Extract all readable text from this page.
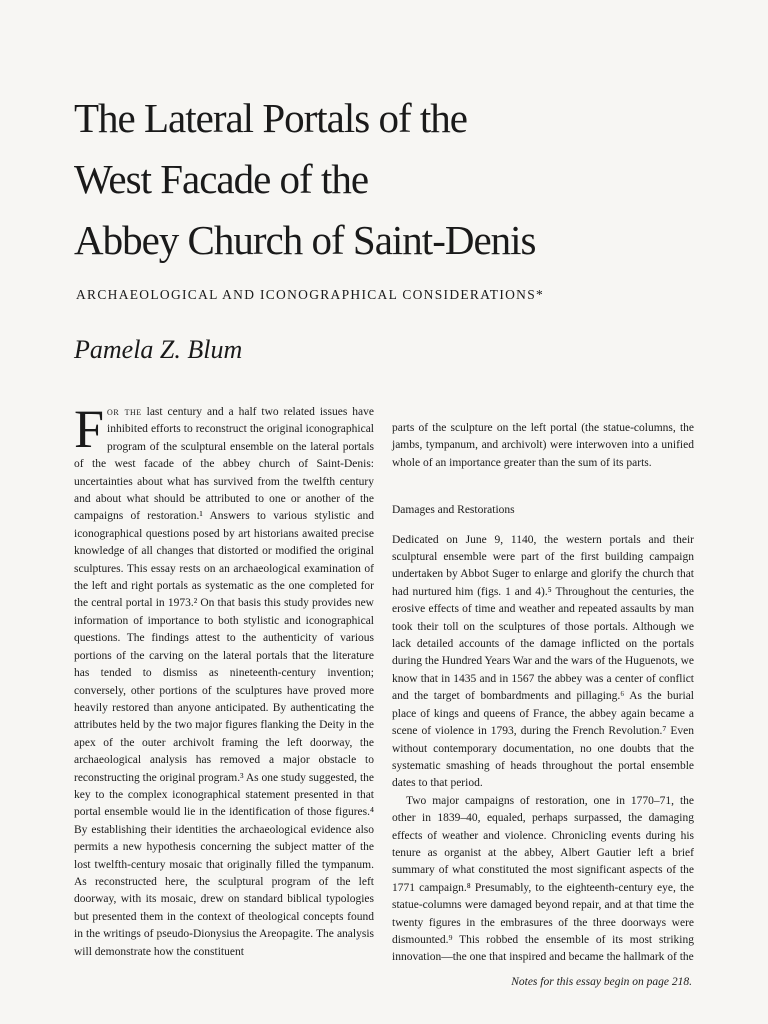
The Lateral Portals of the
West Facade of the
Abbey Church of Saint-Denis
ARCHAEOLOGICAL AND ICONOGRAPHICAL CONSIDERATIONS*
Pamela Z. Blum

For the last century and a half two related issues have inhibited efforts to reconstruct the original iconographical program of the sculptural ensemble on the lateral portals of the west facade of the abbey church of Saint-Denis: uncertainties about what has survived from the twelfth century and about what should be attributed to one or another of the campaigns of restoration.¹ Answers to various stylistic and iconographical questions posed by art historians awaited precise knowledge of all changes that distorted or modified the original sculptures. This essay rests on an archaeological examination of the left and right portals as systematic as the one completed for the central portal in 1973.² On that basis this study provides new information of importance to both stylistic and iconographical questions. The findings attest to the authenticity of various portions of the carving on the lateral portals that the literature has tended to dismiss as nineteenth-century invention; conversely, other portions of the sculptures have proved more heavily restored than anyone anticipated. By authenticating the attributes held by the two major figures flanking the Deity in the apex of the outer archivolt framing the left doorway, the archaeological analysis has removed a major obstacle to reconstructing the original program.³ As one study suggested, the key to the complex iconographical statement presented in that portal ensemble would lie in the identification of those figures.⁴ By establishing their identities the archaeological evidence also permits a new hypothesis concerning the subject matter of the lost twelfth-century mosaic that originally filled the tympanum. As reconstructed here, the sculptural program of the left doorway, with its mosaic, drew on standard biblical typologies but presented them in the context of theological concepts found in the writings of pseudo-Dionysius the Areopagite. The analysis will demonstrate how the constituent

parts of the sculpture on the left portal (the statue-columns, the jambs, tympanum, and archivolt) were interwoven into a unified whole of an importance greater than the sum of its parts.

Damages and Restorations

Dedicated on June 9, 1140, the western portals and their sculptural ensemble were part of the first building campaign undertaken by Abbot Suger to enlarge and glorify the church that had nurtured him (figs. 1 and 4).⁵ Throughout the centuries, the erosive effects of time and weather and repeated assaults by man took their toll on the sculptures of those portals. Although we lack detailed accounts of the damage inflicted on the portals during the Hundred Years War and the wars of the Huguenots, we know that in 1435 and in 1567 the abbey was a center of conflict and the target of bombardments and pillaging.⁶ As the burial place of kings and queens of France, the abbey again became a scene of violence in 1793, during the French Revolution.⁷ Even without contemporary documentation, no one doubts that the systematic smashing of heads throughout the portal ensemble dates to that period.

Two major campaigns of restoration, one in 1770–71, the other in 1839–40, equaled, perhaps surpassed, the damaging effects of weather and violence. Chronicling events during his tenure as organist at the abbey, Albert Gautier left a brief summary of what constituted the most significant aspects of the 1771 campaign.⁸ Presumably, to the eighteenth-century eye, the statue-columns were damaged beyond repair, and at that time the twenty figures in the embrasures of the three doorways were dismounted.⁹ This robbed the ensemble of its most striking innovation—the one that inspired and became the hallmark of the

Notes for this essay begin on page 218.
